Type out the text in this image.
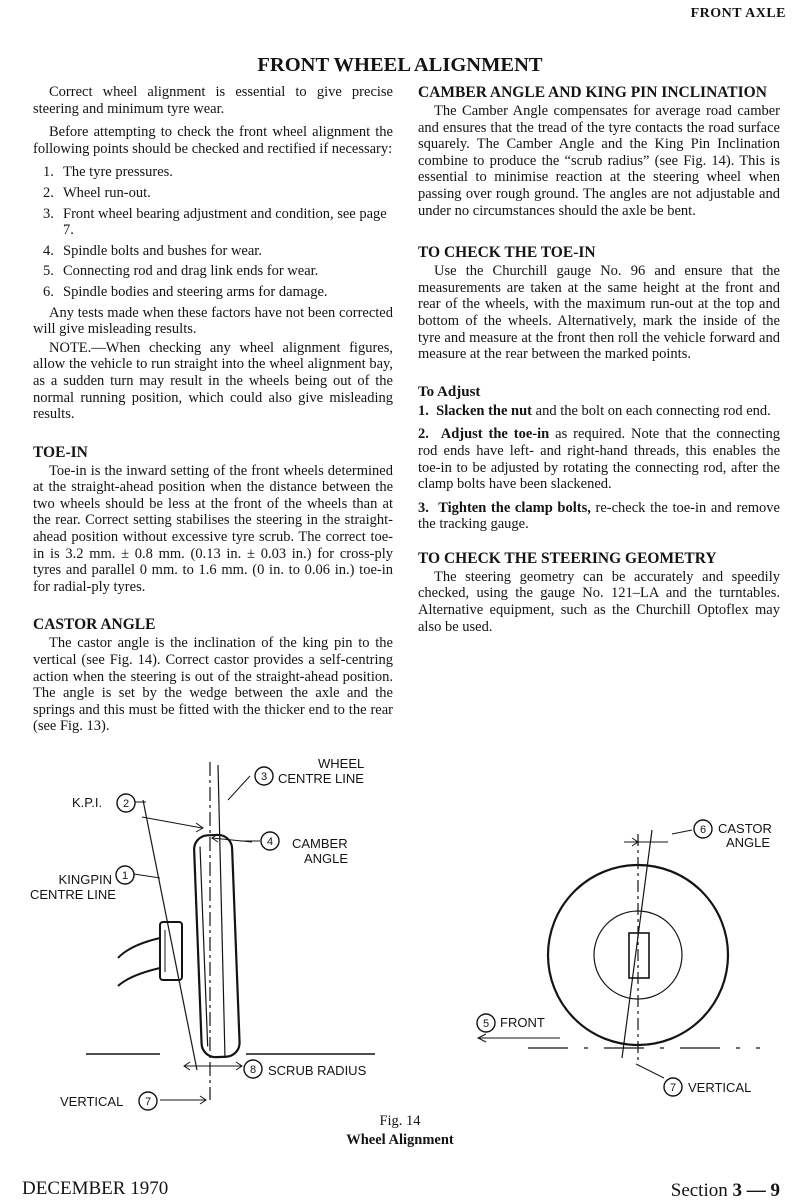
FRONT AXLE
FRONT WHEEL ALIGNMENT

Correct wheel alignment is essential to give precise steering and minimum tyre wear.

Before attempting to check the front wheel alignment the following points should be checked and rectified if necessary:

1. The tyre pressures.
2. Wheel run-out.
3. Front wheel bearing adjustment and condition, see page 7.
4. Spindle bolts and bushes for wear.
5. Connecting rod and drag link ends for wear.
6. Spindle bodies and steering arms for damage.

Any tests made when these factors have not been corrected will give misleading results.

NOTE.—When checking any wheel alignment figures, allow the vehicle to run straight into the wheel alignment bay, as a sudden turn may result in the wheels being out of the normal running position, which could also give misleading results.

TOE-IN

Toe-in is the inward setting of the front wheels determined at the straight-ahead position when the distance between the two wheels should be less at the front of the wheels than at the rear. Correct setting stabilises the steering in the straight-ahead position without excessive tyre scrub. The correct toe-in is 3.2 mm. ± 0.8 mm. (0.13 in. ± 0.03 in.) for cross-ply tyres and parallel 0 mm. to 1.6 mm. (0 in. to 0.06 in.) toe-in for radial-ply tyres.

CASTOR ANGLE

The castor angle is the inclination of the king pin to the vertical (see Fig. 14). Correct castor provides a self-centring action when the steering is out of the straight-ahead position. The angle is set by the wedge between the axle and the springs and this must be fitted with the thicker end to the rear (see Fig. 13).

CAMBER ANGLE AND KING PIN INCLINATION

The Camber Angle compensates for average road camber and ensures that the tread of the tyre contacts the road surface squarely. The Camber Angle and the King Pin Inclination combine to produce the “scrub radius” (see Fig. 14). This is essential to minimise reaction at the steering wheel when passing over rough ground. The angles are not adjustable and under no circumstances should the axle be bent.

TO CHECK THE TOE-IN

Use the Churchill gauge No. 96 and ensure that the measurements are taken at the same height at the front and rear of the wheels, with the maximum run-out at the top and bottom of the wheels. Alternatively, mark the inside of the tyre and measure at the front then roll the vehicle forward and measure at the rear between the marked points.

To Adjust

1. Slacken the nut and the bolt on each connecting rod end.

2. Adjust the toe-in as required. Note that the connecting rod ends have left- and right-hand threads, this enables the toe-in to be adjusted by rotating the connecting rod, after the clamp bolts have been slackened.

3. Tighten the clamp bolts, re-check the toe-in and remove the tracking gauge.

TO CHECK THE STEERING GEOMETRY

The steering geometry can be accurately and speedily checked, using the gauge No. 121–LA and the turntables. Alternative equipment, such as the Churchill Optoflex may also be used.

1
2
3
4
5
6
7
8
7
K.P.I.
KINGPIN
CENTRE LINE
WHEEL
CENTRE LINE
CAMBER
ANGLE
SCRUB RADIUS
VERTICAL
CASTOR
ANGLE
FRONT
VERTICAL
Fig. 14
Wheel Alignment
DECEMBER 1970	Section 3 — 9
